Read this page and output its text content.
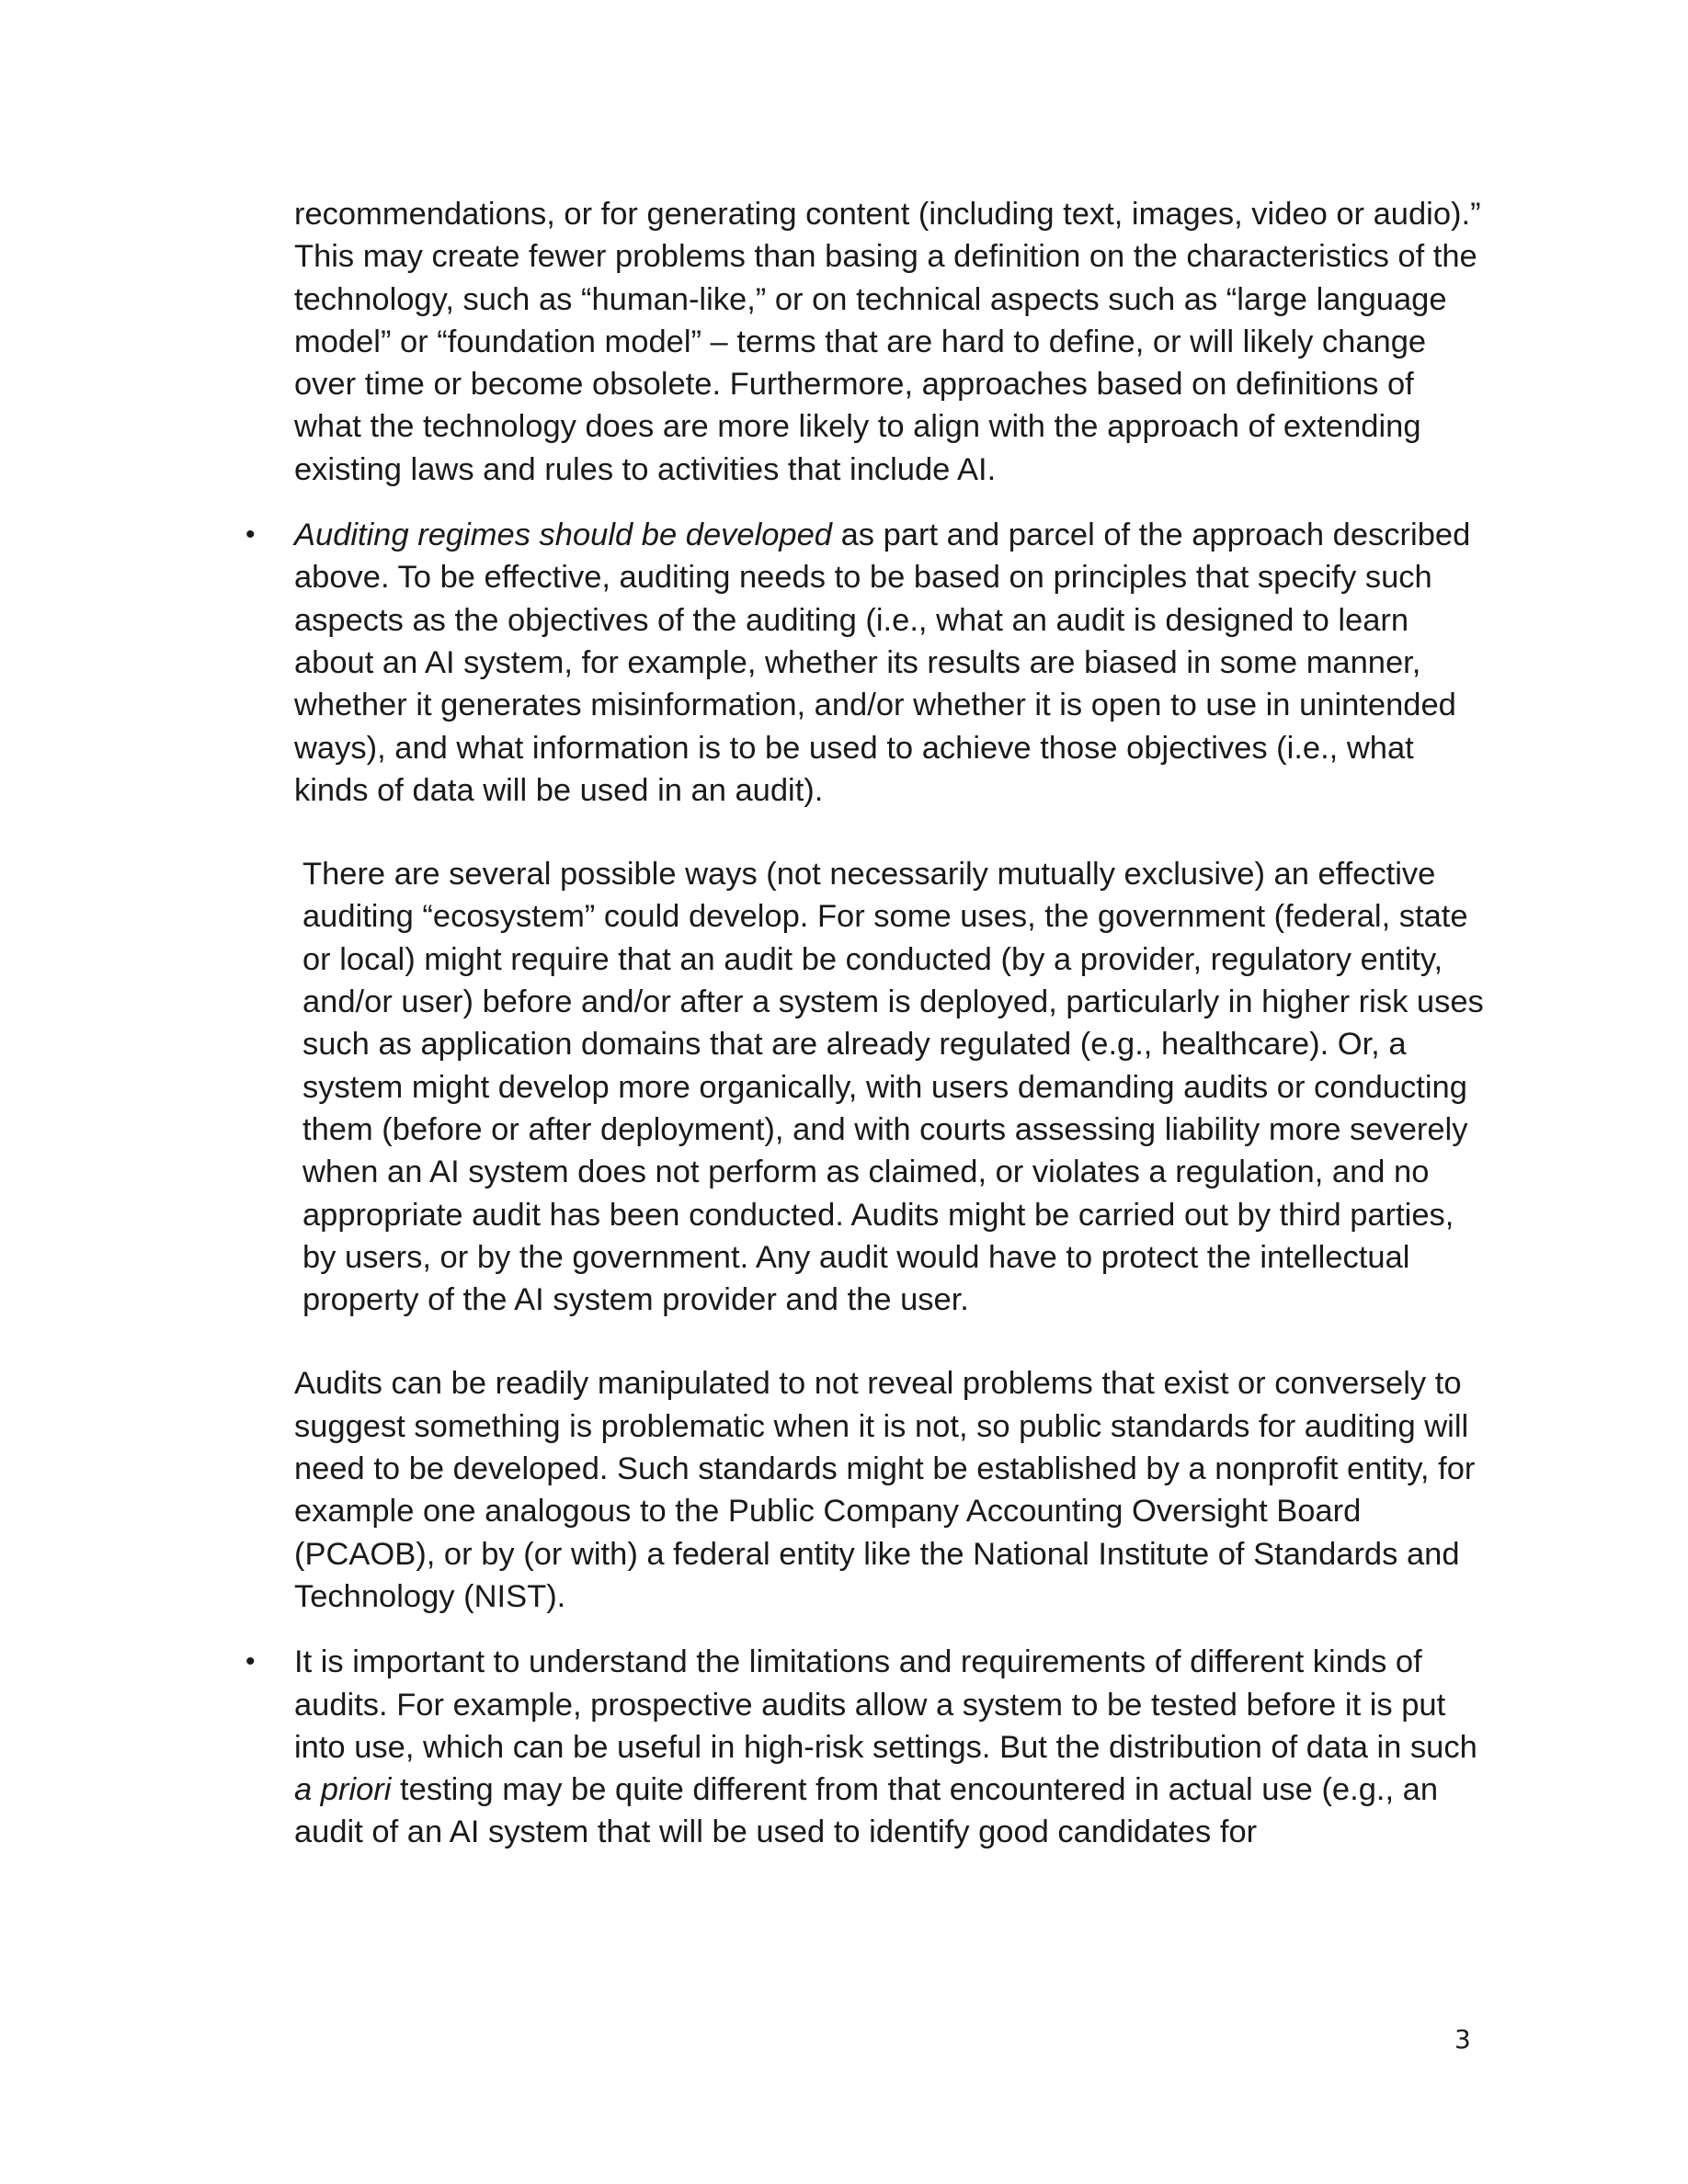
recommendations, or for generating content (including text, images, video or audio).” This may create fewer problems than basing a definition on the characteristics of the technology, such as “human-like,” or on technical aspects such as “large language model” or “foundation model” – terms that are hard to define, or will likely change over time or become obsolete. Furthermore, approaches based on definitions of what the technology does are more likely to align with the approach of extending existing laws and rules to activities that include AI.

•	Auditing regimes should be developed as part and parcel of the approach described above. To be effective, auditing needs to be based on principles that specify such aspects as the objectives of the auditing (i.e., what an audit is designed to learn about an AI system, for example, whether its results are biased in some manner, whether it generates misinformation, and/or whether it is open to use in unintended ways), and what information is to be used to achieve those objectives (i.e., what kinds of data will be used in an audit).

There are several possible ways (not necessarily mutually exclusive) an effective auditing “ecosystem” could develop. For some uses, the government (federal, state or local) might require that an audit be conducted (by a provider, regulatory entity, and/or user) before and/or after a system is deployed, particularly in higher risk uses such as application domains that are already regulated (e.g., healthcare). Or, a system might develop more organically, with users demanding audits or conducting them (before or after deployment), and with courts assessing liability more severely when an AI system does not perform as claimed, or violates a regulation, and no appropriate audit has been conducted. Audits might be carried out by third parties, by users, or by the government. Any audit would have to protect the intellectual property of the AI system provider and the user.

Audits can be readily manipulated to not reveal problems that exist or conversely to suggest something is problematic when it is not, so public standards for auditing will need to be developed. Such standards might be established by a nonprofit entity, for example one analogous to the Public Company Accounting Oversight Board (PCAOB), or by (or with) a federal entity like the National Institute of Standards and Technology (NIST).

•	It is important to understand the limitations and requirements of different kinds of audits. For example, prospective audits allow a system to be tested before it is put into use, which can be useful in high-risk settings. But the distribution of data in such a priori testing may be quite different from that encountered in actual use (e.g., an audit of an AI system that will be used to identify good candidates for

3
